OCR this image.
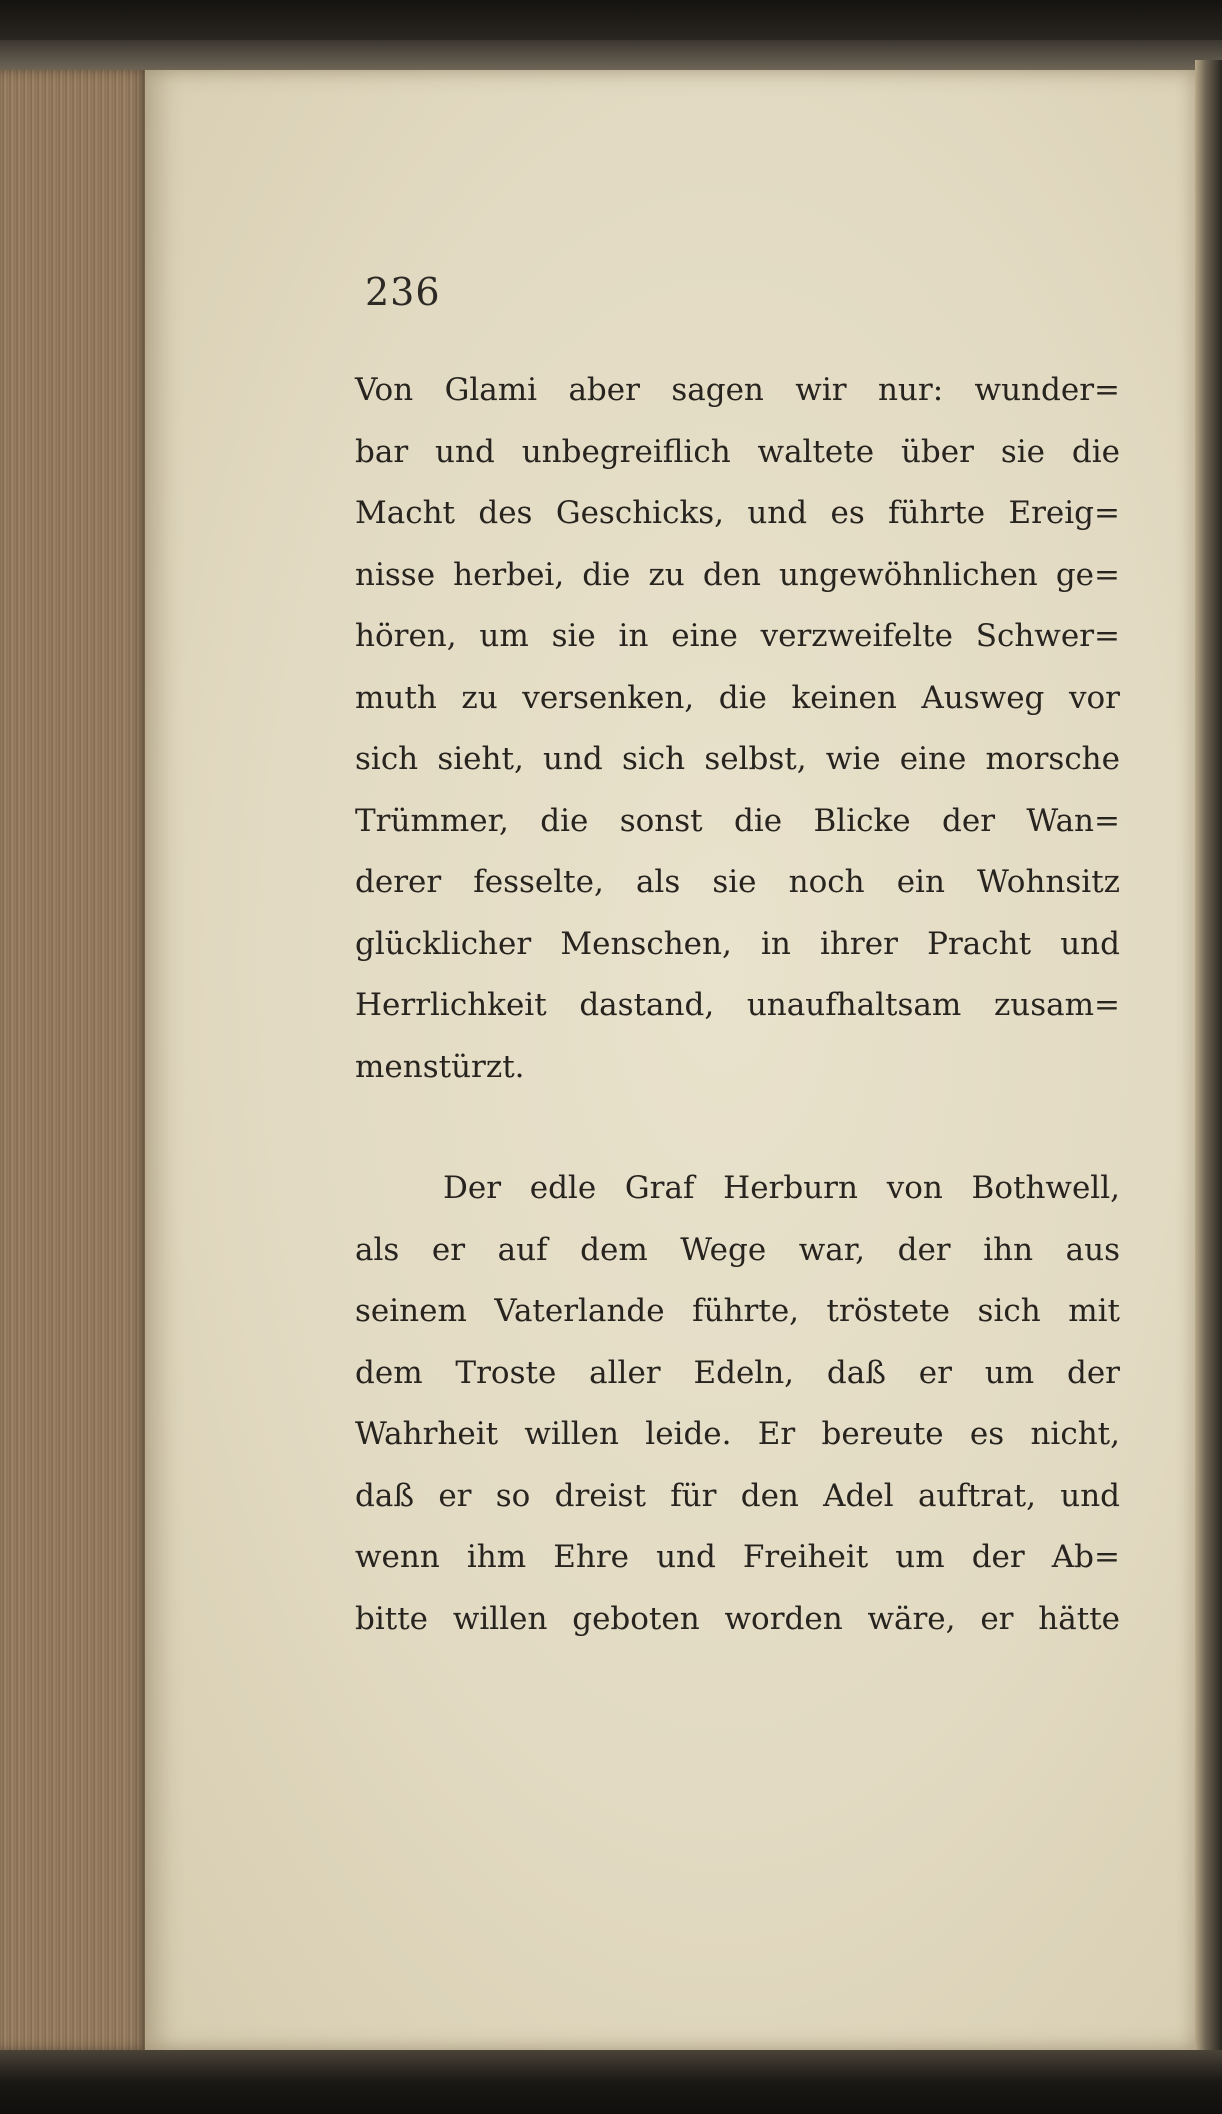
236
Von Glami aber sagen wir nur: wunder=
bar und unbegreiflich waltete über sie die
Macht des Geschicks, und es führte Ereig=
nisse herbei, die zu den ungewöhnlichen ge=
hören, um sie in eine verzweifelte Schwer=
muth zu versenken, die keinen Ausweg vor
sich sieht, und sich selbst, wie eine morsche
Trümmer, die sonst die Blicke der Wan=
derer fesselte, als sie noch ein Wohnsitz
glücklicher Menschen, in ihrer Pracht und
Herrlichkeit dastand, unaufhaltsam zusam=
menstürzt.
Der edle Graf Herburn von Bothwell,
als er auf dem Wege war, der ihn aus
seinem Vaterlande führte, tröstete sich mit
dem Troste aller Edeln, daß er um der
Wahrheit willen leide. Er bereute es nicht,
daß er so dreist für den Adel auftrat, und
wenn ihm Ehre und Freiheit um der Ab=
bitte willen geboten worden wäre, er hätte
